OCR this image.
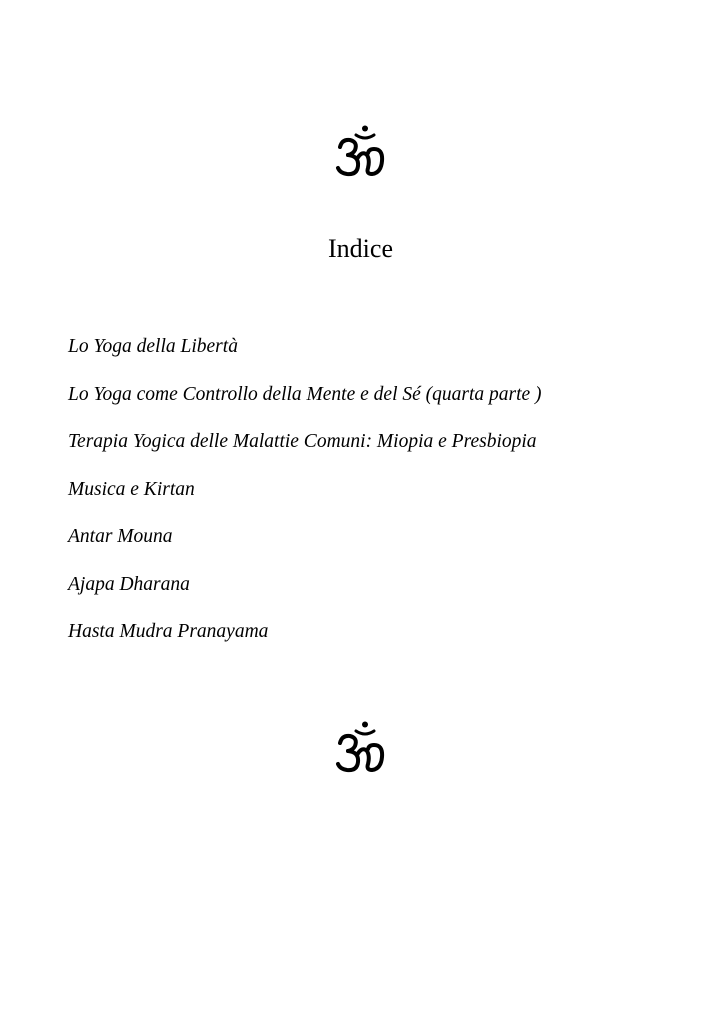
Indice
Lo Yoga della Libertà
Lo Yoga come Controllo della Mente e del Sé (quarta parte )
Terapia Yogica delle Malattie Comuni: Miopia e Presbiopia
Musica e Kirtan
Antar Mouna
Ajapa Dharana
Hasta Mudra Pranayama
